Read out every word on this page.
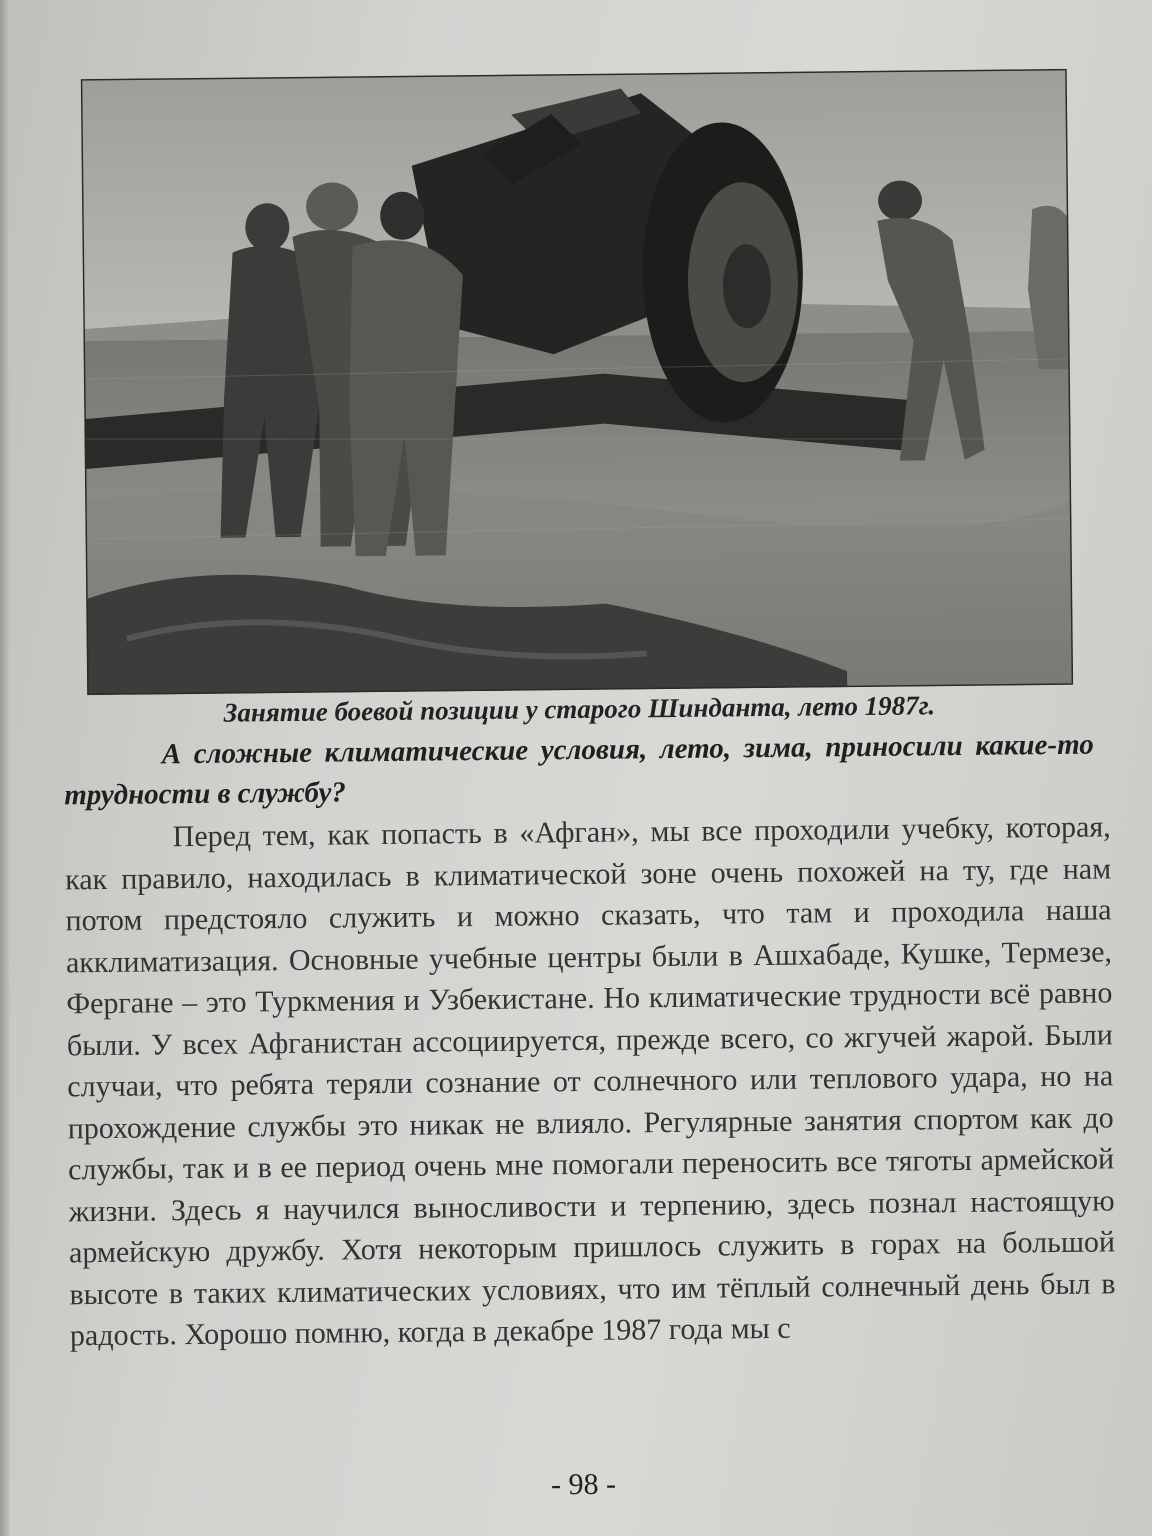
Занятие боевой позиции у старого Шинданта, лето 1987г.
А сложные климатические условия, лето, зима, приносили какие-то трудности в службу?
Перед тем, как попасть в «Афган», мы все проходили учебку, которая, как правило, находилась в климатической зоне очень похожей на ту, где нам потом предстояло служить и можно сказать, что там и проходила наша акклиматизация. Основные учебные центры были в Ашхабаде, Кушке, Термезе, Фергане – это Туркмения и Узбекистане. Но климатические трудности всё равно были. У всех Афганистан ассоциируется, прежде всего, со жгучей жарой. Были случаи, что ребята теряли сознание от солнечного или теплового удара, но на прохождение службы это никак не влияло. Регулярные занятия спортом как до службы, так и в ее период очень мне помогали переносить все тяготы армейской жизни. Здесь я научился выносливости и терпению, здесь познал настоящую армейскую дружбу. Хотя некоторым пришлось служить в горах на большой высоте в таких климатических условиях, что им тёплый солнечный день был в радость. Хорошо помню, когда в декабре 1987 года мы с
- 98 -
